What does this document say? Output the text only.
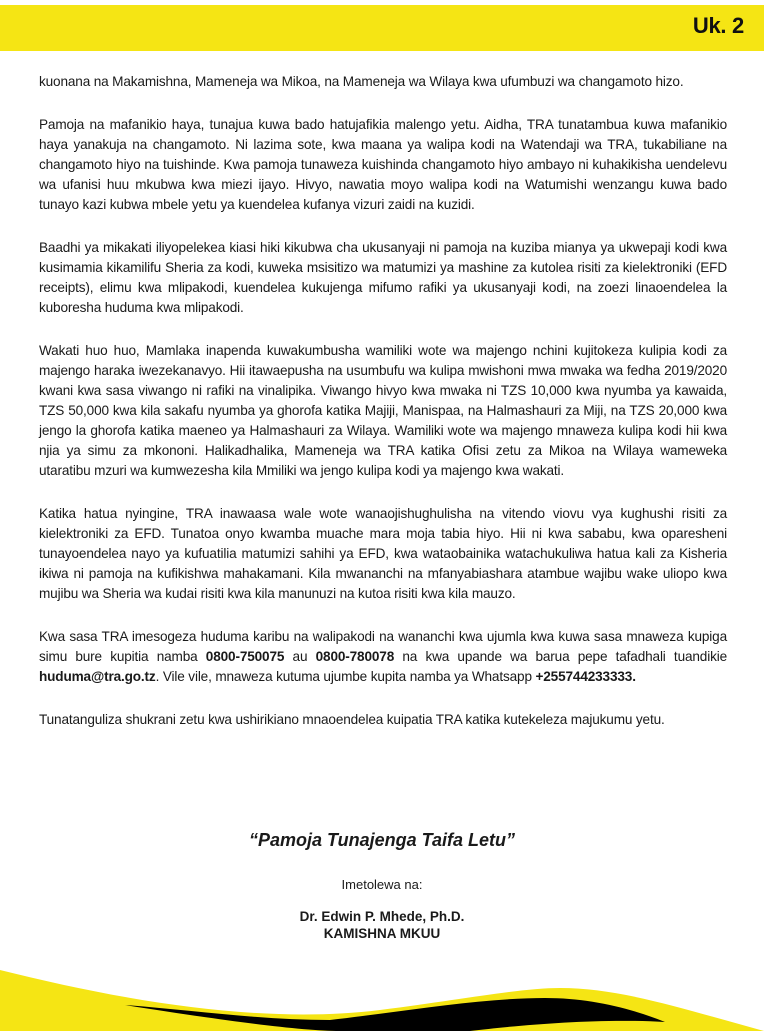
Uk. 2

kuonana na Makamishna, Mameneja wa Mikoa, na Mameneja wa Wilaya kwa ufumbuzi wa changamoto hizo.

Pamoja na mafanikio haya, tunajua kuwa bado hatujafikia malengo yetu. Aidha, TRA tunatambua kuwa mafanikio haya yanakuja na changamoto. Ni lazima sote, kwa maana ya walipa kodi na Watendaji wa TRA, tukabiliane na changamoto hiyo na tuishinde. Kwa pamoja tunaweza kuishinda changamoto hiyo ambayo ni kuhakikisha uendelevu wa ufanisi huu mkubwa kwa miezi ijayo. Hivyo, nawatia moyo walipa kodi na Watumishi wenzangu kuwa bado tunayo kazi kubwa mbele yetu ya kuendelea kufanya vizuri zaidi na kuzidi.

Baadhi ya mikakati iliyopelekea kiasi hiki kikubwa cha ukusanyaji ni pamoja na kuziba mianya ya ukwepaji kodi kwa kusimamia kikamilifu Sheria za kodi, kuweka msisitizo wa matumizi ya mashine za kutolea risiti za kielektroniki (EFD receipts), elimu kwa mlipakodi, kuendelea kukujenga mifumo rafiki ya ukusanyaji kodi, na zoezi linaoendelea la kuboresha huduma kwa mlipakodi.

Wakati huo huo, Mamlaka inapenda kuwakumbusha wamiliki wote wa majengo nchini kujitokeza kulipia kodi za majengo haraka iwezekanavyo. Hii itawaepusha na usumbufu wa kulipa mwishoni mwa mwaka wa fedha 2019/2020 kwani kwa sasa viwango ni rafiki na vinalipika. Viwango hivyo kwa mwaka ni TZS 10,000 kwa nyumba ya kawaida, TZS 50,000 kwa kila sakafu nyumba ya ghorofa katika Majiji, Manispaa, na Halmashauri za Miji, na TZS 20,000 kwa jengo la ghorofa katika maeneo ya Halmashauri za Wilaya. Wamiliki wote wa majengo mnaweza kulipa kodi hii kwa njia ya simu za mkononi. Halikadhalika, Mameneja wa TRA katika Ofisi zetu za Mikoa na Wilaya wameweka utaratibu mzuri wa kumwezesha kila Mmiliki wa jengo kulipa kodi ya majengo kwa wakati.

Katika hatua nyingine, TRA inawaasa wale wote wanaojishughulisha na vitendo viovu vya kughushi risiti za kielektroniki za EFD. Tunatoa onyo kwamba muache mara moja tabia hiyo. Hii ni kwa sababu, kwa oparesheni tunayoendelea nayo ya kufuatilia matumizi sahihi ya EFD, kwa wataobainika watachukuliwa hatua kali za Kisheria ikiwa ni pamoja na kufikishwa mahakamani. Kila mwananchi na mfanyabiashara atambue wajibu wake uliopo kwa mujibu wa Sheria wa kudai risiti kwa kila manunuzi na kutoa risiti kwa kila mauzo.

Kwa sasa TRA imesogeza huduma karibu na walipakodi na wananchi kwa ujumla kwa kuwa sasa mnaweza kupiga simu bure kupitia namba 0800-750075 au 0800-780078 na kwa upande wa barua pepe tafadhali tuandikie huduma@tra.go.tz. Vile vile, mnaweza kutuma ujumbe kupita namba ya Whatsapp +255744233333.

Tunatanguliza shukrani zetu kwa ushirikiano mnaoendelea kuipatia TRA katika kutekeleza majukumu yetu.

“Pamoja Tunajenga Taifa Letu”
Imetolewa na:
Dr. Edwin P. Mhede, Ph.D.
KAMISHNA MKUU
